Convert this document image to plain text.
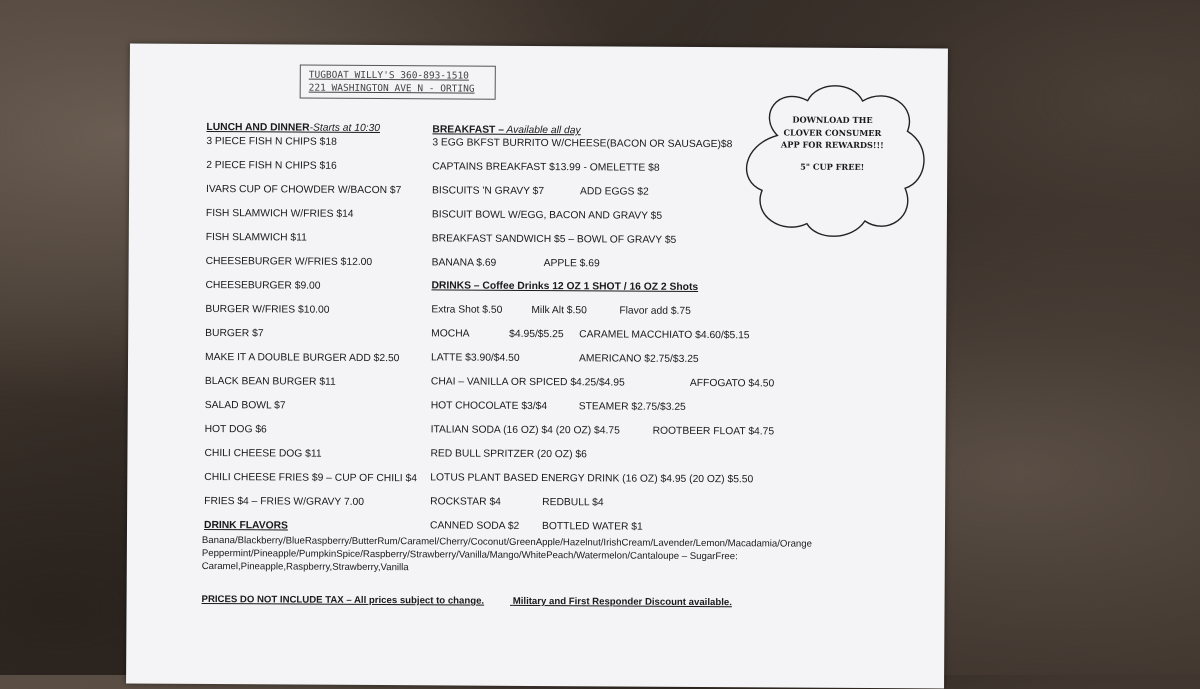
TUGBOAT WILLY'S 360-893-1510
221 WASHINGTON AVE N - ORTING
DOWNLOAD THE
CLOVER CONSUMER
APP FOR REWARDS!!!
5" CUP FREE!
LUNCH AND DINNER-Starts at 10:30
3 PIECE FISH N CHIPS $18
2 PIECE FISH N CHIPS $16
IVARS CUP OF CHOWDER W/BACON $7
FISH SLAMWICH W/FRIES $14
FISH SLAMWICH $11
CHEESEBURGER W/FRIES $12.00
CHEESEBURGER $9.00
BURGER W/FRIES $10.00
BURGER $7
MAKE IT A DOUBLE BURGER ADD $2.50
BLACK BEAN BURGER $11
SALAD BOWL $7
HOT DOG $6
CHILI CHEESE DOG $11
CHILI CHEESE FRIES $9 – CUP OF CHILI $4
FRIES $4 – FRIES W/GRAVY 7.00
DRINK FLAVORS
BREAKFAST – Available all day
3 EGG BKFST BURRITO W/CHEESE(BACON OR SAUSAGE)$8
CAPTAINS BREAKFAST $13.99 - OMELETTE $8
BISCUITS 'N GRAVY $7	ADD EGGS $2
BISCUIT BOWL W/EGG, BACON AND GRAVY $5
BREAKFAST SANDWICH $5 – BOWL OF GRAVY $5
BANANA $.69	APPLE $.69
DRINKS – Coffee Drinks 12 OZ 1 SHOT / 16 OZ 2 Shots
Extra Shot $.50	Milk Alt $.50	Flavor add $.75
MOCHA	$4.95/$5.25 CARAMEL MACCHIATO $4.60/$5.15
LATTE $3.90/$4.50	AMERICANO $2.75/$3.25
CHAI – VANILLA OR SPICED $4.25/$4.95	AFFOGATO $4.50
HOT CHOCOLATE $3/$4	STEAMER $2.75/$3.25
ITALIAN SODA (16 OZ) $4 (20 OZ) $4.75	ROOTBEER FLOAT $4.75
RED BULL SPRITZER (20 OZ) $6
LOTUS PLANT BASED ENERGY DRINK (16 OZ) $4.95 (20 OZ) $5.50
ROCKSTAR $4	REDBULL $4
CANNED SODA $2 BOTTLED WATER $1
Banana/Blackberry/BlueRaspberry/ButterRum/Caramel/Cherry/Coconut/GreenApple/Hazelnut/IrishCream/Lavender/Lemon/Macadamia/Orange
Peppermint/Pineapple/PumpkinSpice/Raspberry/Strawberry/Vanilla/Mango/WhitePeach/Watermelon/Cantaloupe – SugarFree:
Caramel,Pineapple,Raspberry,Strawberry,Vanilla
PRICES DO NOT INCLUDE TAX – All prices subject to change.	Military and First Responder Discount available.
